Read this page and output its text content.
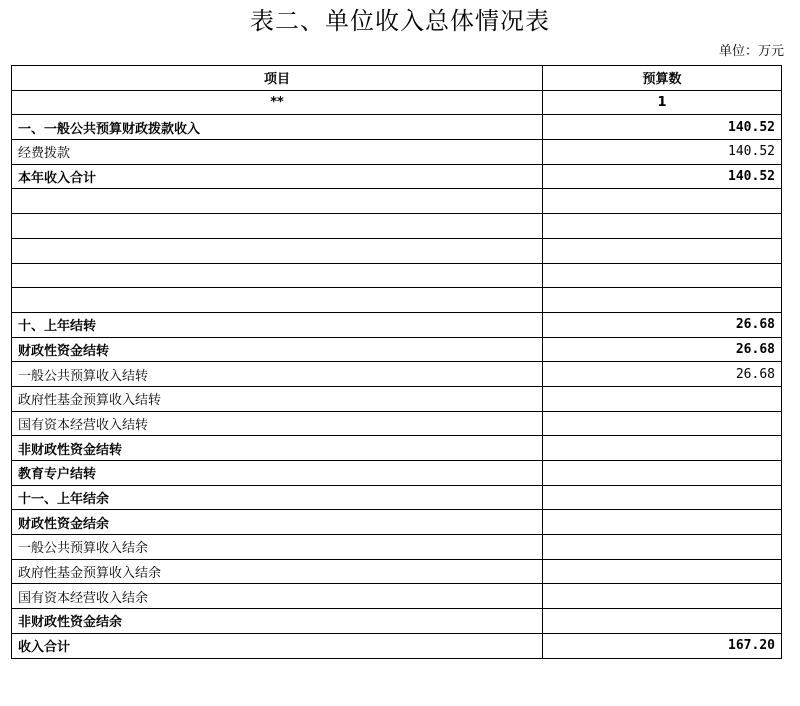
表二、单位收入总体情况表
单位：万元
项目	预算数
**	1
一、一般公共预算财政拨款收入	140.52
经费拨款	140.52
本年收入合计	140.52

十、上年结转	26.68
财政性资金结转	26.68
一般公共预算收入结转	26.68
政府性基金预算收入结转	
国有资本经营收入结转	
非财政性资金结转	
教育专户结转	
十一、上年结余	
财政性资金结余	
一般公共预算收入结余	
政府性基金预算收入结余	
国有资本经营收入结余	
非财政性资金结余	
收入合计	167.20
